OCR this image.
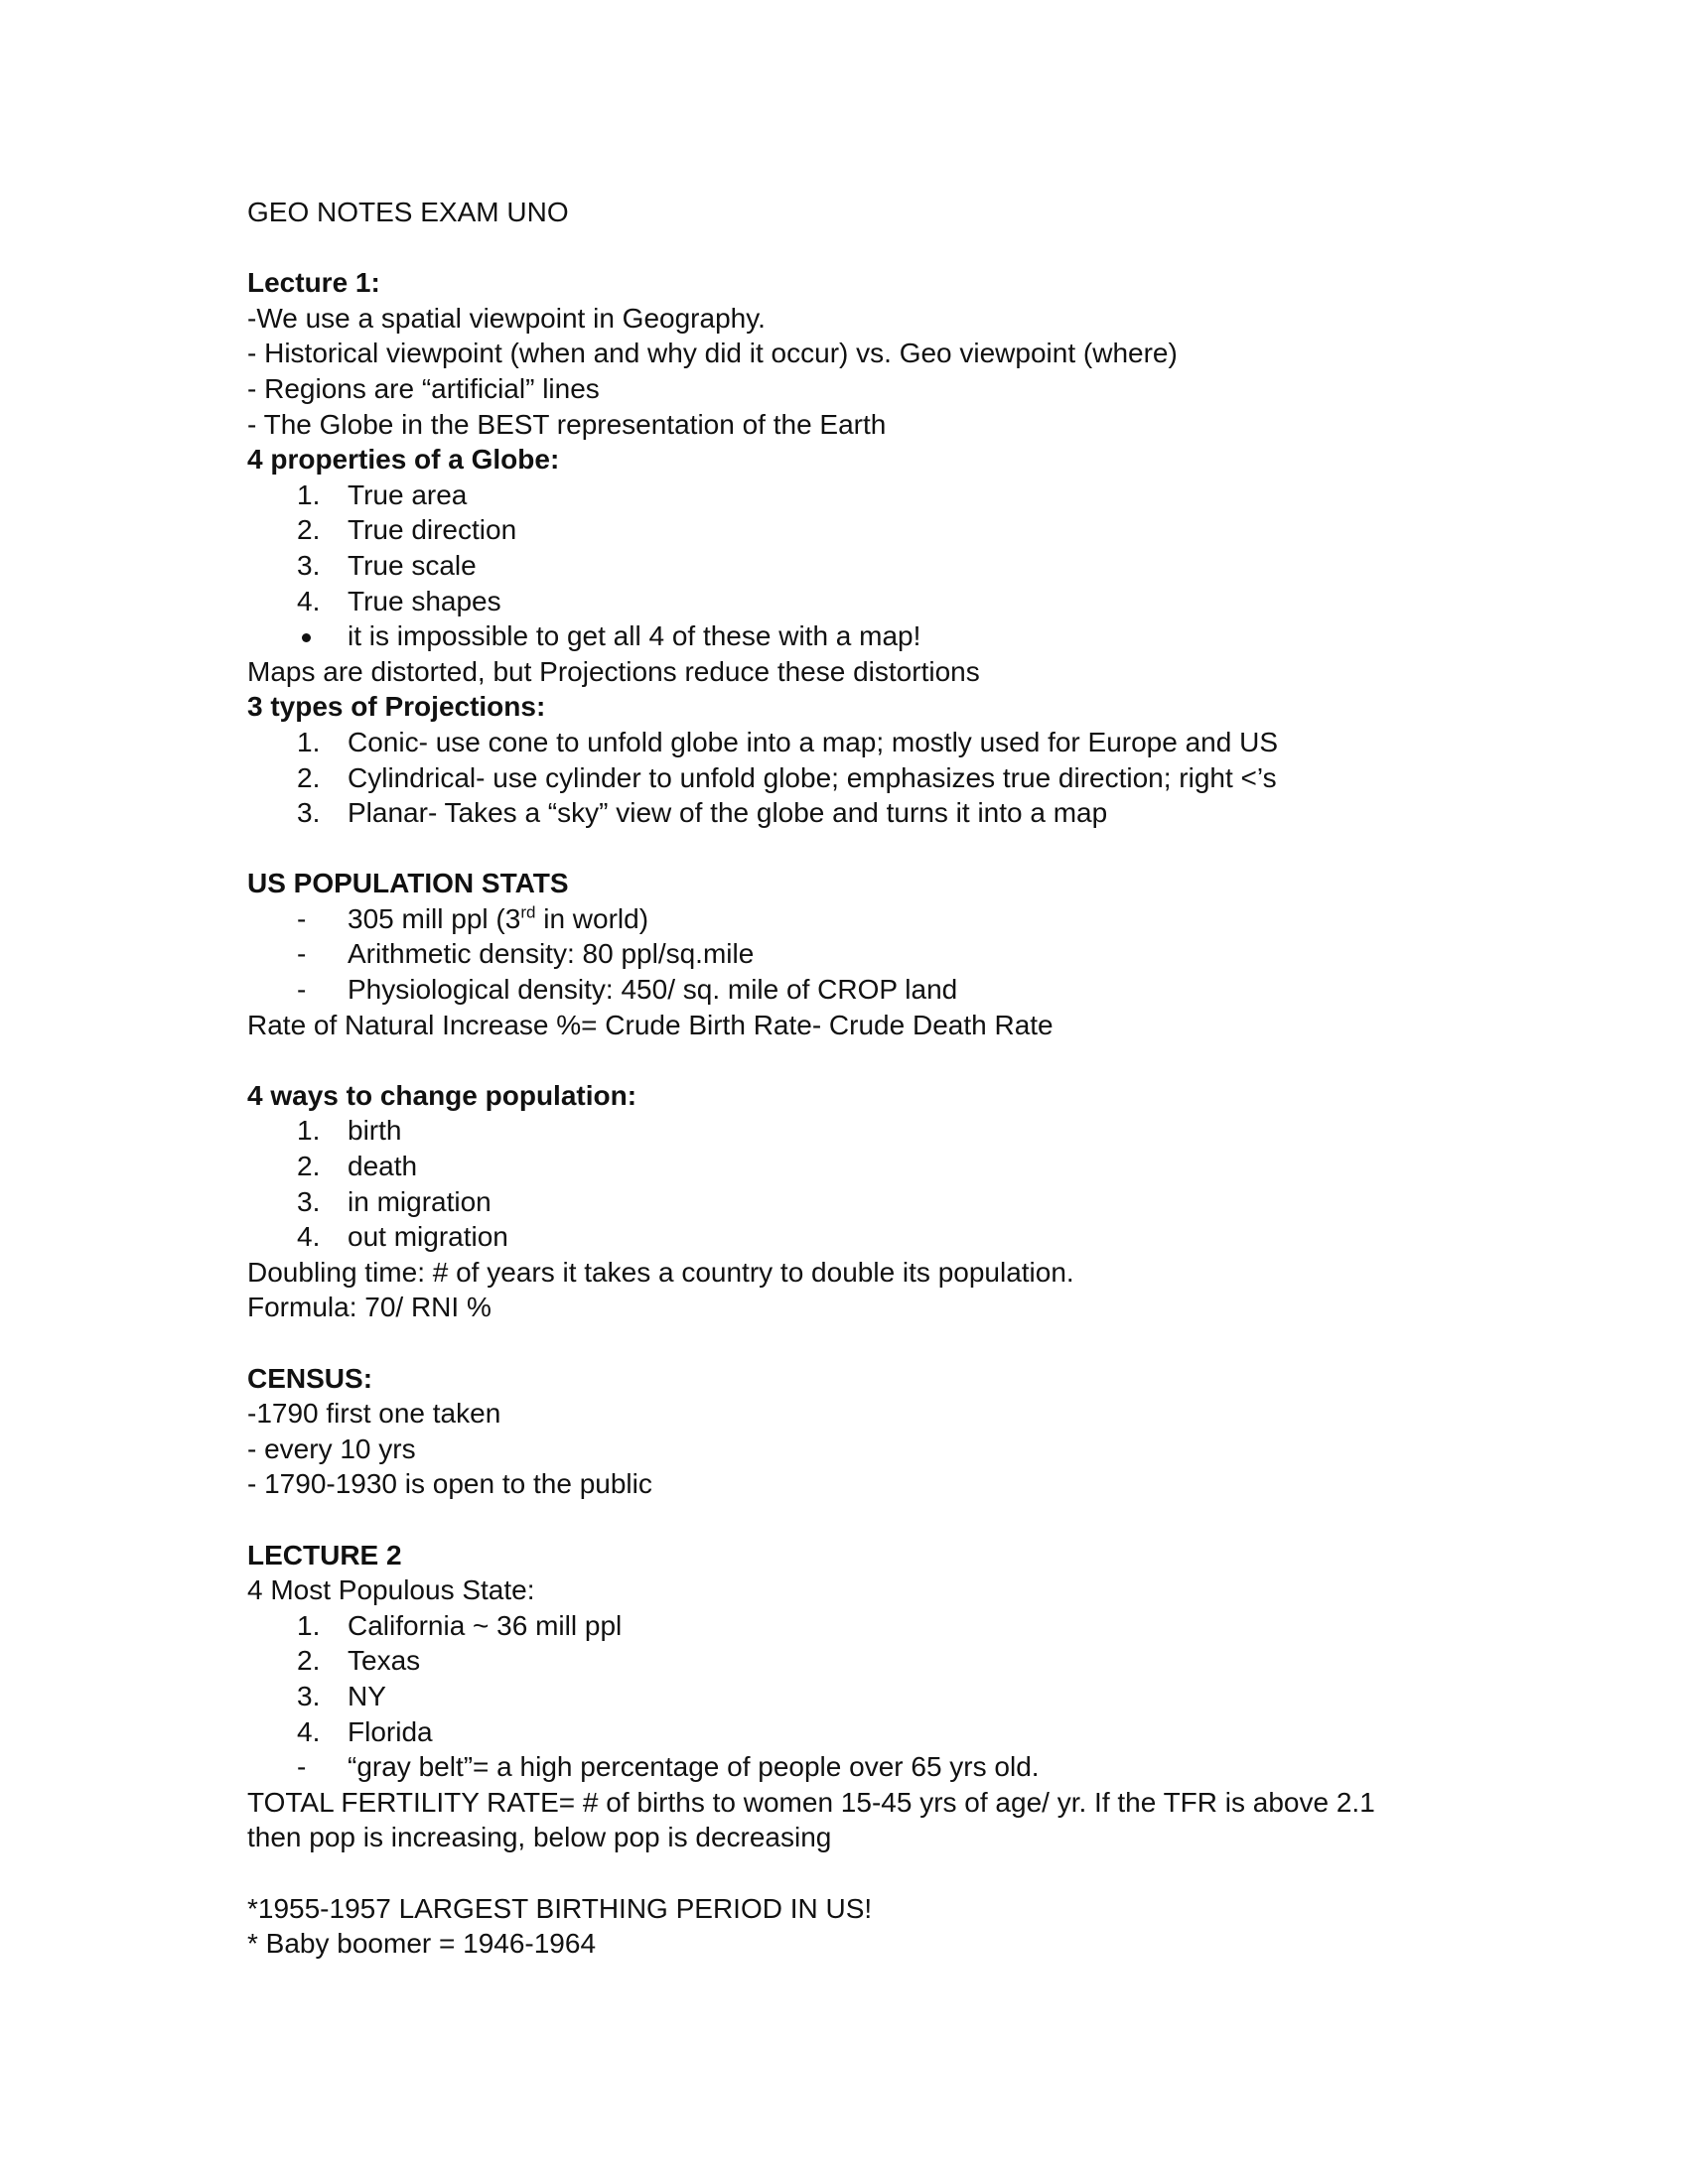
GEO NOTES EXAM UNO
Lecture 1:
-We use a spatial viewpoint in Geography.
- Historical viewpoint (when and why did it occur) vs. Geo viewpoint (where)
- Regions are “artificial” lines
- The Globe in the BEST representation of the Earth
4 properties of a Globe:
1. True area
2. True direction
3. True scale
4. True shapes
it is impossible to get all 4 of these with a map!
Maps are distorted, but Projections reduce these distortions
3 types of Projections:
1. Conic- use cone to unfold globe into a map; mostly used for Europe and US
2. Cylindrical- use cylinder to unfold globe; emphasizes true direction; right <’s
3. Planar- Takes a “sky” view of the globe and turns it into a map
US POPULATION STATS
-	305 mill ppl (3rd in world)
-	Arithmetic density: 80 ppl/sq.mile
-	Physiological density: 450/ sq. mile of CROP land
Rate of Natural Increase %= Crude Birth Rate- Crude Death Rate
4 ways to change population:
1. birth
2. death
3. in migration
4. out migration
Doubling time: # of years it takes a country to double its population.
Formula: 70/ RNI %
CENSUS:
-1790 first one taken
- every 10 yrs
- 1790-1930 is open to the public
LECTURE 2
4 Most Populous State:
1. California ~ 36 mill ppl
2. Texas
3. NY
4. Florida
-	“gray belt”= a high percentage of people over 65 yrs old.
TOTAL FERTILITY RATE= # of births to women 15-45 yrs of age/ yr. If the TFR is above 2.1
then pop is increasing, below pop is decreasing
*1955-1957 LARGEST BIRTHING PERIOD IN US!
* Baby boomer = 1946-1964
